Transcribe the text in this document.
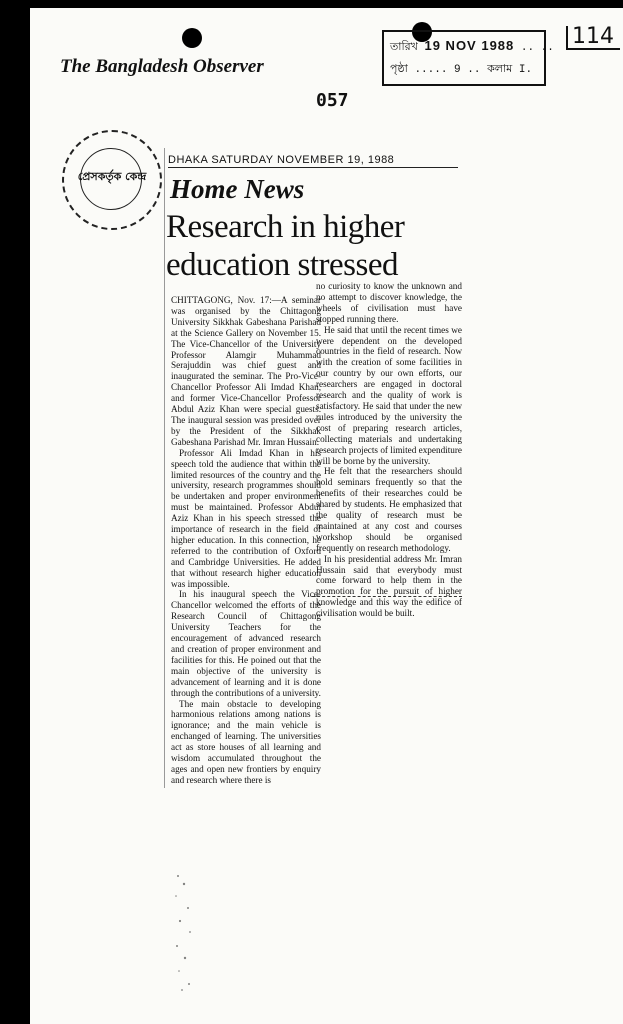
The Bangladesh Observer
তারিখ 19 NOV 1988 .. ..
পৃষ্ঠা ..... 9 .. কলাম I.
114
057
প্রেসকর্তৃক কেন্দ্র
DHAKA SATURDAY NOVEMBER 19, 1988
Home News
Research in higher
education stressed

CHITTAGONG, Nov. 17:—A seminar was organised by the Chittagong University Sikkhak Gabeshana Parishad at the Science Gallery on November 15. The Vice-Chancellor of the University Professor Alamgir Muhammad Serajuddin was chief guest and inaugurated the seminar. The Pro-Vice-Chancellor Professor Ali Imdad Khan, and former Vice-Chancellor Professor Abdul Aziz Khan were special guests. The inaugural session was presided over by the President of the Sikkhak Gabeshana Parishad Mr. Imran Hussain.

Professor Ali Imdad Khan in his speech told the audience that within the limited resources of the country and the university, research programmes should be undertaken and proper environment must be maintained. Professor Abdul Aziz Khan in his speech stressed the importance of research in the field of higher education. In this connection, he referred to the contribution of Oxford and Cambridge Universities. He added that without research higher education was impossible.

In his inaugural speech the Vice-Chancellor welcomed the efforts of the Research Council of Chittagong University Teachers for the encouragement of advanced research and creation of proper environment and facilities for this. He poined out that the main objective of the university is advancement of learning and it is done through the contributions of a university.

The main obstacle to developing harmonious relations among nations is ignorance; and the main vehicle is enchanged of learning. The universities act as store houses of all learning and wisdom accumulated throughout the ages and open new frontiers by enquiry and research where there is

no curiosity to know the unknown and no attempt to discover knowledge, the wheels of civilisation must have stopped running there.

He said that until the recent times we were dependent on the developed countries in the field of research. Now with the creation of some facilities in our country by our own efforts, our researchers are engaged in doctoral research and the quality of work is satisfactory. He said that under the new rules introduced by the university the cost of preparing research articles, collecting materials and undertaking research projects of limited expenditure will be borne by the university.

He felt that the researchers should hold seminars frequently so that the benefits of their researches could be shared by students. He emphasized that the quality of research must be maintained at any cost and courses workshop should be organised frequently on research methodology.

In his presidential address Mr. Imran Hussain said that everybody must come forward to help them in the promotion for the pursuit of higher knowledge and this way the edifice of civilisation would be built.
